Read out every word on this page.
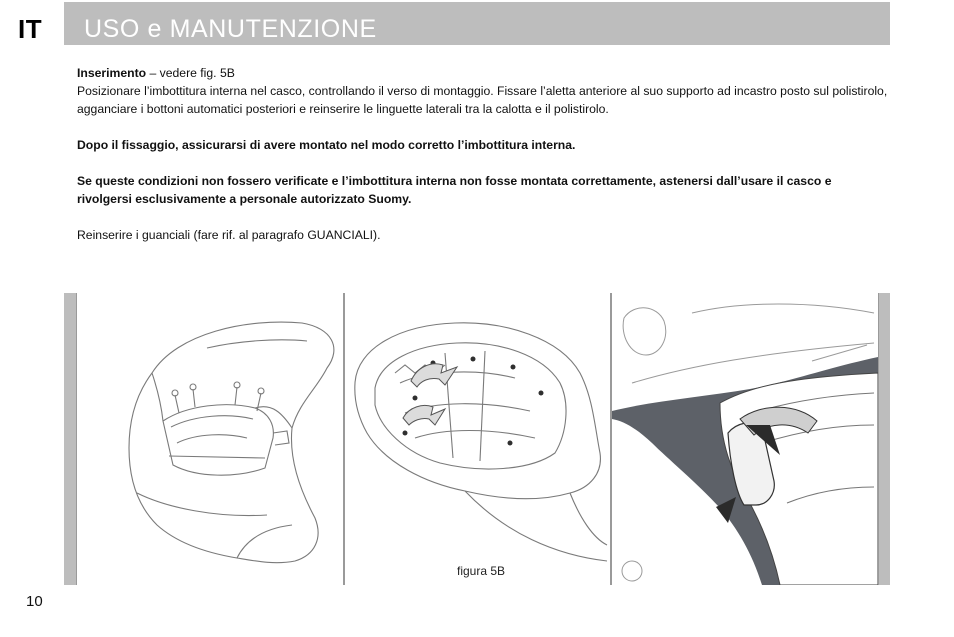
IT USO e MANUTENZIONE

Inserimento – vedere fig. 5B

Posizionare l’imbottitura interna nel casco, controllando il verso di montaggio. Fissare l’aletta anteriore al suo supporto ad incastro posto sul polistirolo, agganciare i bottoni automatici posteriori e reinserire le linguette laterali tra la calotta e il polistirolo.

Dopo il fissaggio, assicurarsi di avere montato nel modo corretto l’imbottitura interna.

Se queste condizioni non fossero verificate e l’imbottitura interna non fosse montata correttamente, astenersi dall’usare il casco e rivolgersi esclusivamente a personale autorizzato Suomy.

Reinserire i guanciali (fare rif. al paragrafo GUANCIALI).

figura 5B
10
